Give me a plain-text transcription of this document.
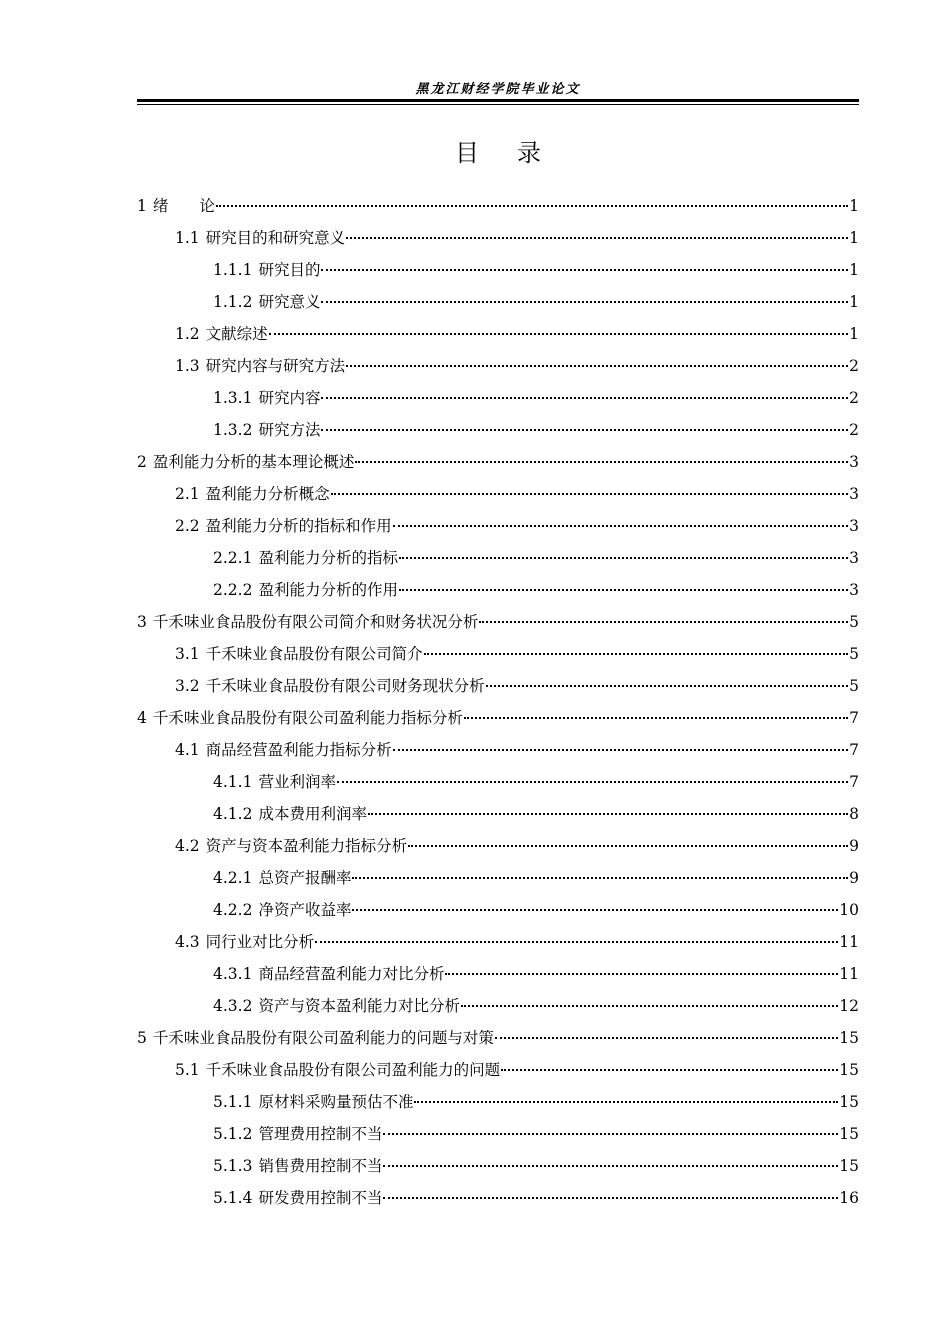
黑龙江财经学院毕业论文
目录
1 绪　　论	1
1.1 研究目的和研究意义	1
1.1.1 研究目的	1
1.1.2 研究意义	1
1.2 文献综述	1
1.3 研究内容与研究方法	2
1.3.1 研究内容	2
1.3.2 研究方法	2
2 盈利能力分析的基本理论概述	3
2.1 盈利能力分析概念	3
2.2 盈利能力分析的指标和作用	3
2.2.1 盈利能力分析的指标	3
2.2.2 盈利能力分析的作用	3
3 千禾味业食品股份有限公司简介和财务状况分析	5
3.1 千禾味业食品股份有限公司简介	5
3.2 千禾味业食品股份有限公司财务现状分析	5
4 千禾味业食品股份有限公司盈利能力指标分析	7
4.1 商品经营盈利能力指标分析	7
4.1.1 营业利润率	7
4.1.2 成本费用利润率	8
4.2 资产与资本盈利能力指标分析	9
4.2.1 总资产报酬率	9
4.2.2 净资产收益率	10
4.3 同行业对比分析	11
4.3.1 商品经营盈利能力对比分析	11
4.3.2 资产与资本盈利能力对比分析	12
5 千禾味业食品股份有限公司盈利能力的问题与对策	15
5.1 千禾味业食品股份有限公司盈利能力的问题	15
5.1.1 原材料采购量预估不准	15
5.1.2 管理费用控制不当	15
5.1.3 销售费用控制不当	15
5.1.4 研发费用控制不当	16
